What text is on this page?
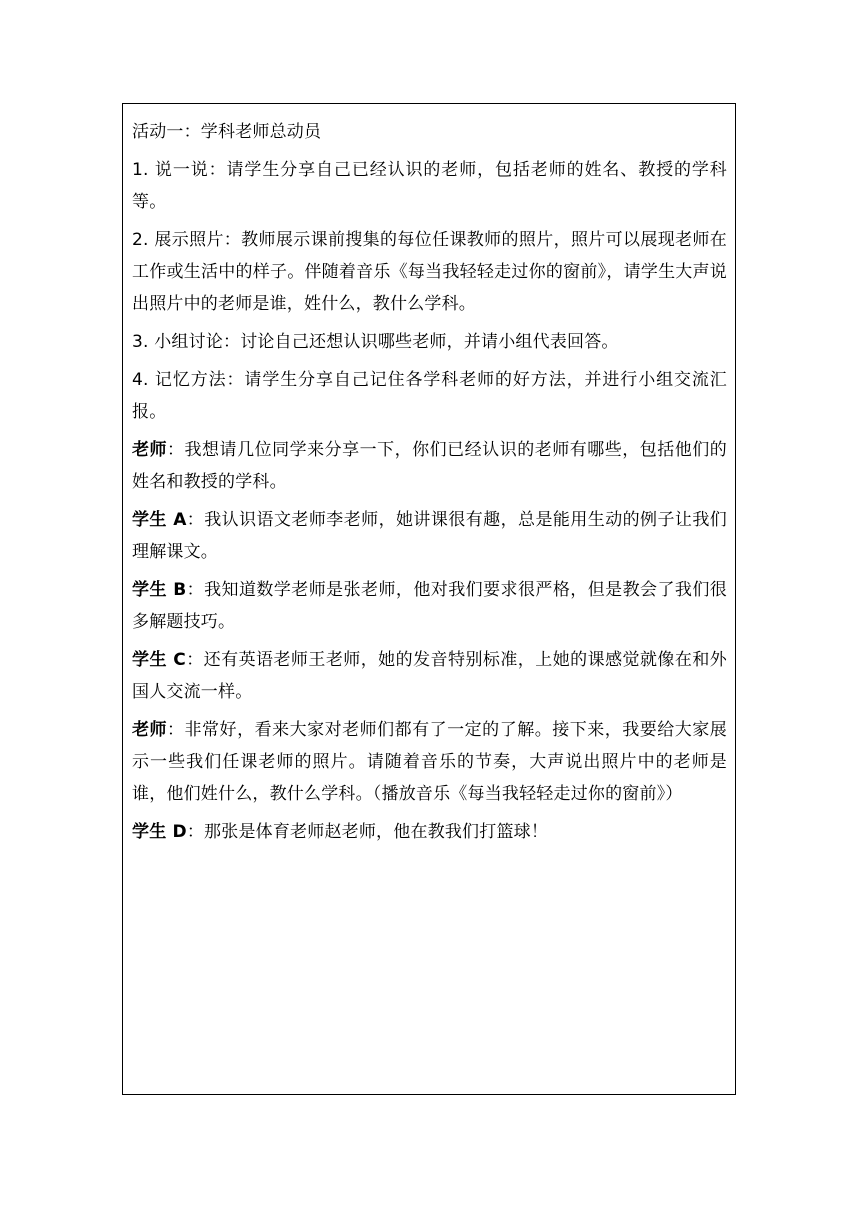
活动一：学科老师总动员

1. 说一说：请学生分享自己已经认识的老师，包括老师的姓名、教授的学科等。

2. 展示照片：教师展示课前搜集的每位任课教师的照片，照片可以展现老师在工作或生活中的样子。伴随着音乐《每当我轻轻走过你的窗前》，请学生大声说出照片中的老师是谁，姓什么，教什么学科。

3. 小组讨论：讨论自己还想认识哪些老师，并请小组代表回答。

4. 记忆方法：请学生分享自己记住各学科老师的好方法，并进行小组交流汇报。

老师：我想请几位同学来分享一下，你们已经认识的老师有哪些，包括他们的姓名和教授的学科。

学生 A：我认识语文老师李老师，她讲课很有趣，总是能用生动的例子让我们理解课文。

学生 B：我知道数学老师是张老师，他对我们要求很严格，但是教会了我们很多解题技巧。

学生 C：还有英语老师王老师，她的发音特别标准，上她的课感觉就像在和外国人交流一样。

老师：非常好，看来大家对老师们都有了一定的了解。接下来，我要给大家展示一些我们任课老师的照片。请随着音乐的节奏，大声说出照片中的老师是谁，他们姓什么，教什么学科。（播放音乐《每当我轻轻走过你的窗前》）

学生 D：那张是体育老师赵老师，他在教我们打篮球！
